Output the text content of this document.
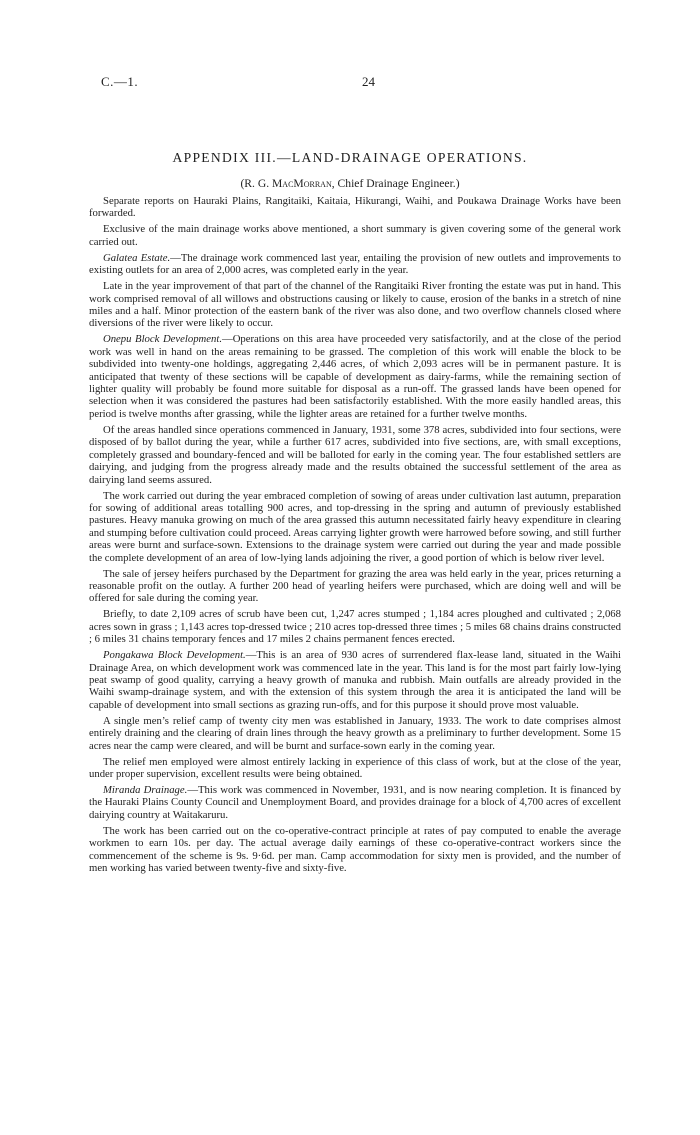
C.—1.	24
APPENDIX III.—LAND-DRAINAGE OPERATIONS.
(R. G. MacMorran, Chief Drainage Engineer.)

Separate reports on Hauraki Plains, Rangitaiki, Kaitaia, Hikurangi, Waihi, and Poukawa Drainage Works have been forwarded.

Exclusive of the main drainage works above mentioned, a short summary is given covering some of the general work carried out.

Galatea Estate.—The drainage work commenced last year, entailing the provision of new outlets and improvements to existing outlets for an area of 2,000 acres, was completed early in the year.

Late in the year improvement of that part of the channel of the Rangitaiki River fronting the estate was put in hand. This work comprised removal of all willows and obstructions causing or likely to cause, erosion of the banks in a stretch of nine miles and a half. Minor protection of the eastern bank of the river was also done, and two overflow channels closed where diversions of the river were likely to occur.

Onepu Block Development.—Operations on this area have proceeded very satisfactorily, and at the close of the period work was well in hand on the areas remaining to be grassed. The completion of this work will enable the block to be subdivided into twenty-one holdings, aggregating 2,446 acres, of which 2,093 acres will be in permanent pasture. It is anticipated that twenty of these sections will be capable of development as dairy-farms, while the remaining section of lighter quality will probably be found more suitable for disposal as a run-off. The grassed lands have been opened for selection when it was considered the pastures had been satisfactorily established. With the more easily handled areas, this period is twelve months after grassing, while the lighter areas are retained for a further twelve months.

Of the areas handled since operations commenced in January, 1931, some 378 acres, subdivided into four sections, were disposed of by ballot during the year, while a further 617 acres, subdivided into five sections, are, with small exceptions, completely grassed and boundary-fenced and will be balloted for early in the coming year. The four established settlers are dairying, and judging from the progress already made and the results obtained the successful settlement of the area as dairying land seems assured.

The work carried out during the year embraced completion of sowing of areas under cultivation last autumn, preparation for sowing of additional areas totalling 900 acres, and top-dressing in the spring and autumn of previously established pastures. Heavy manuka growing on much of the area grassed this autumn necessitated fairly heavy expenditure in clearing and stumping before cultivation could proceed. Areas carrying lighter growth were harrowed before sowing, and still further areas were burnt and surface-sown. Extensions to the drainage system were carried out during the year and made possible the complete development of an area of low-lying lands adjoining the river, a good portion of which is below river level.

The sale of jersey heifers purchased by the Department for grazing the area was held early in the year, prices returning a reasonable profit on the outlay. A further 200 head of yearling heifers were purchased, which are doing well and will be offered for sale during the coming year.

Briefly, to date 2,109 acres of scrub have been cut, 1,247 acres stumped ; 1,184 acres ploughed and cultivated ; 2,068 acres sown in grass ; 1,143 acres top-dressed twice ; 210 acres top-dressed three times ; 5 miles 68 chains drains constructed ; 6 miles 31 chains temporary fences and 17 miles 2 chains permanent fences erected.

Pongakawa Block Development.—This is an area of 930 acres of surrendered flax-lease land, situated in the Waihi Drainage Area, on which development work was commenced late in the year. This land is for the most part fairly low-lying peat swamp of good quality, carrying a heavy growth of manuka and rubbish. Main outfalls are already provided in the Waihi swamp-drainage system, and with the extension of this system through the area it is anticipated the land will be capable of development into small sections as grazing run-offs, and for this purpose it should prove most valuable.

A single men’s relief camp of twenty city men was established in January, 1933. The work to date comprises almost entirely draining and the clearing of drain lines through the heavy growth as a preliminary to further development. Some 15 acres near the camp were cleared, and will be burnt and surface-sown early in the coming year.

The relief men employed were almost entirely lacking in experience of this class of work, but at the close of the year, under proper supervision, excellent results were being obtained.

Miranda Drainage.—This work was commenced in November, 1931, and is now nearing completion. It is financed by the Hauraki Plains County Council and Unemployment Board, and provides drainage for a block of 4,700 acres of excellent dairying country at Waitakaruru.

The work has been carried out on the co-operative-contract principle at rates of pay computed to enable the average workmen to earn 10s. per day. The actual average daily earnings of these co-operative-contract workers since the commencement of the scheme is 9s. 9·6d. per man. Camp accommodation for sixty men is provided, and the number of men working has varied between twenty-five and sixty-five.
